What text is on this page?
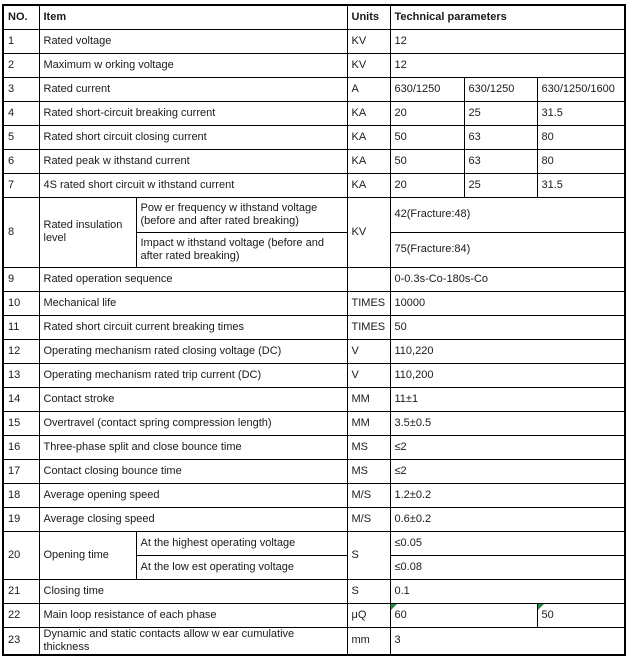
NO.	Item		Units	Technical parameters		
1	Rated voltage		KV	12		
2	Maximum w orking voltage		KV	12		
3	Rated current		A	630/1250	630/1250	630/1250/1600
4	Rated short-circuit breaking current		KA	20	25	31.5
5	Rated short circuit closing current		KA	50	63	80
6	Rated peak w ithstand current		KA	50	63	80
7	4S rated short circuit w ithstand current		KA	20	25	31.5
8	Rated insulation level	Pow er frequency w ithstand voltage (before and after rated breaking)	KV	42(Fracture:48)		
		Impact w ithstand voltage (before and after rated breaking)		75(Fracture:84)		
9	Rated operation sequence			0-0.3s-Co-180s-Co		
10	Mechanical life		TIMES	10000		
11	Rated short circuit current breaking times		TIMES	50		
12	Operating mechanism rated closing voltage (DC)		V	110,220		
13	Operating mechanism rated trip current (DC)		V	110,200		
14	Contact stroke		MM	11±1		
15	Overtravel (contact spring compression length)		MM	3.5±0.5		
16	Three-phase split and close bounce time		MS	≤2		
17	Contact closing bounce time		MS	≤2		
18	Average opening speed		M/S	1.2±0.2		
19	Average closing speed		M/S	0.6±0.2		
20	Opening time	At the highest operating voltage	S	≤0.05		
		At the low est operating voltage		≤0.08		
21	Closing time		S	0.1		
22	Main loop resistance of each phase		μQ	60		50
23	Dynamic and static contacts allow w ear cumulative thickness		mm	3		
